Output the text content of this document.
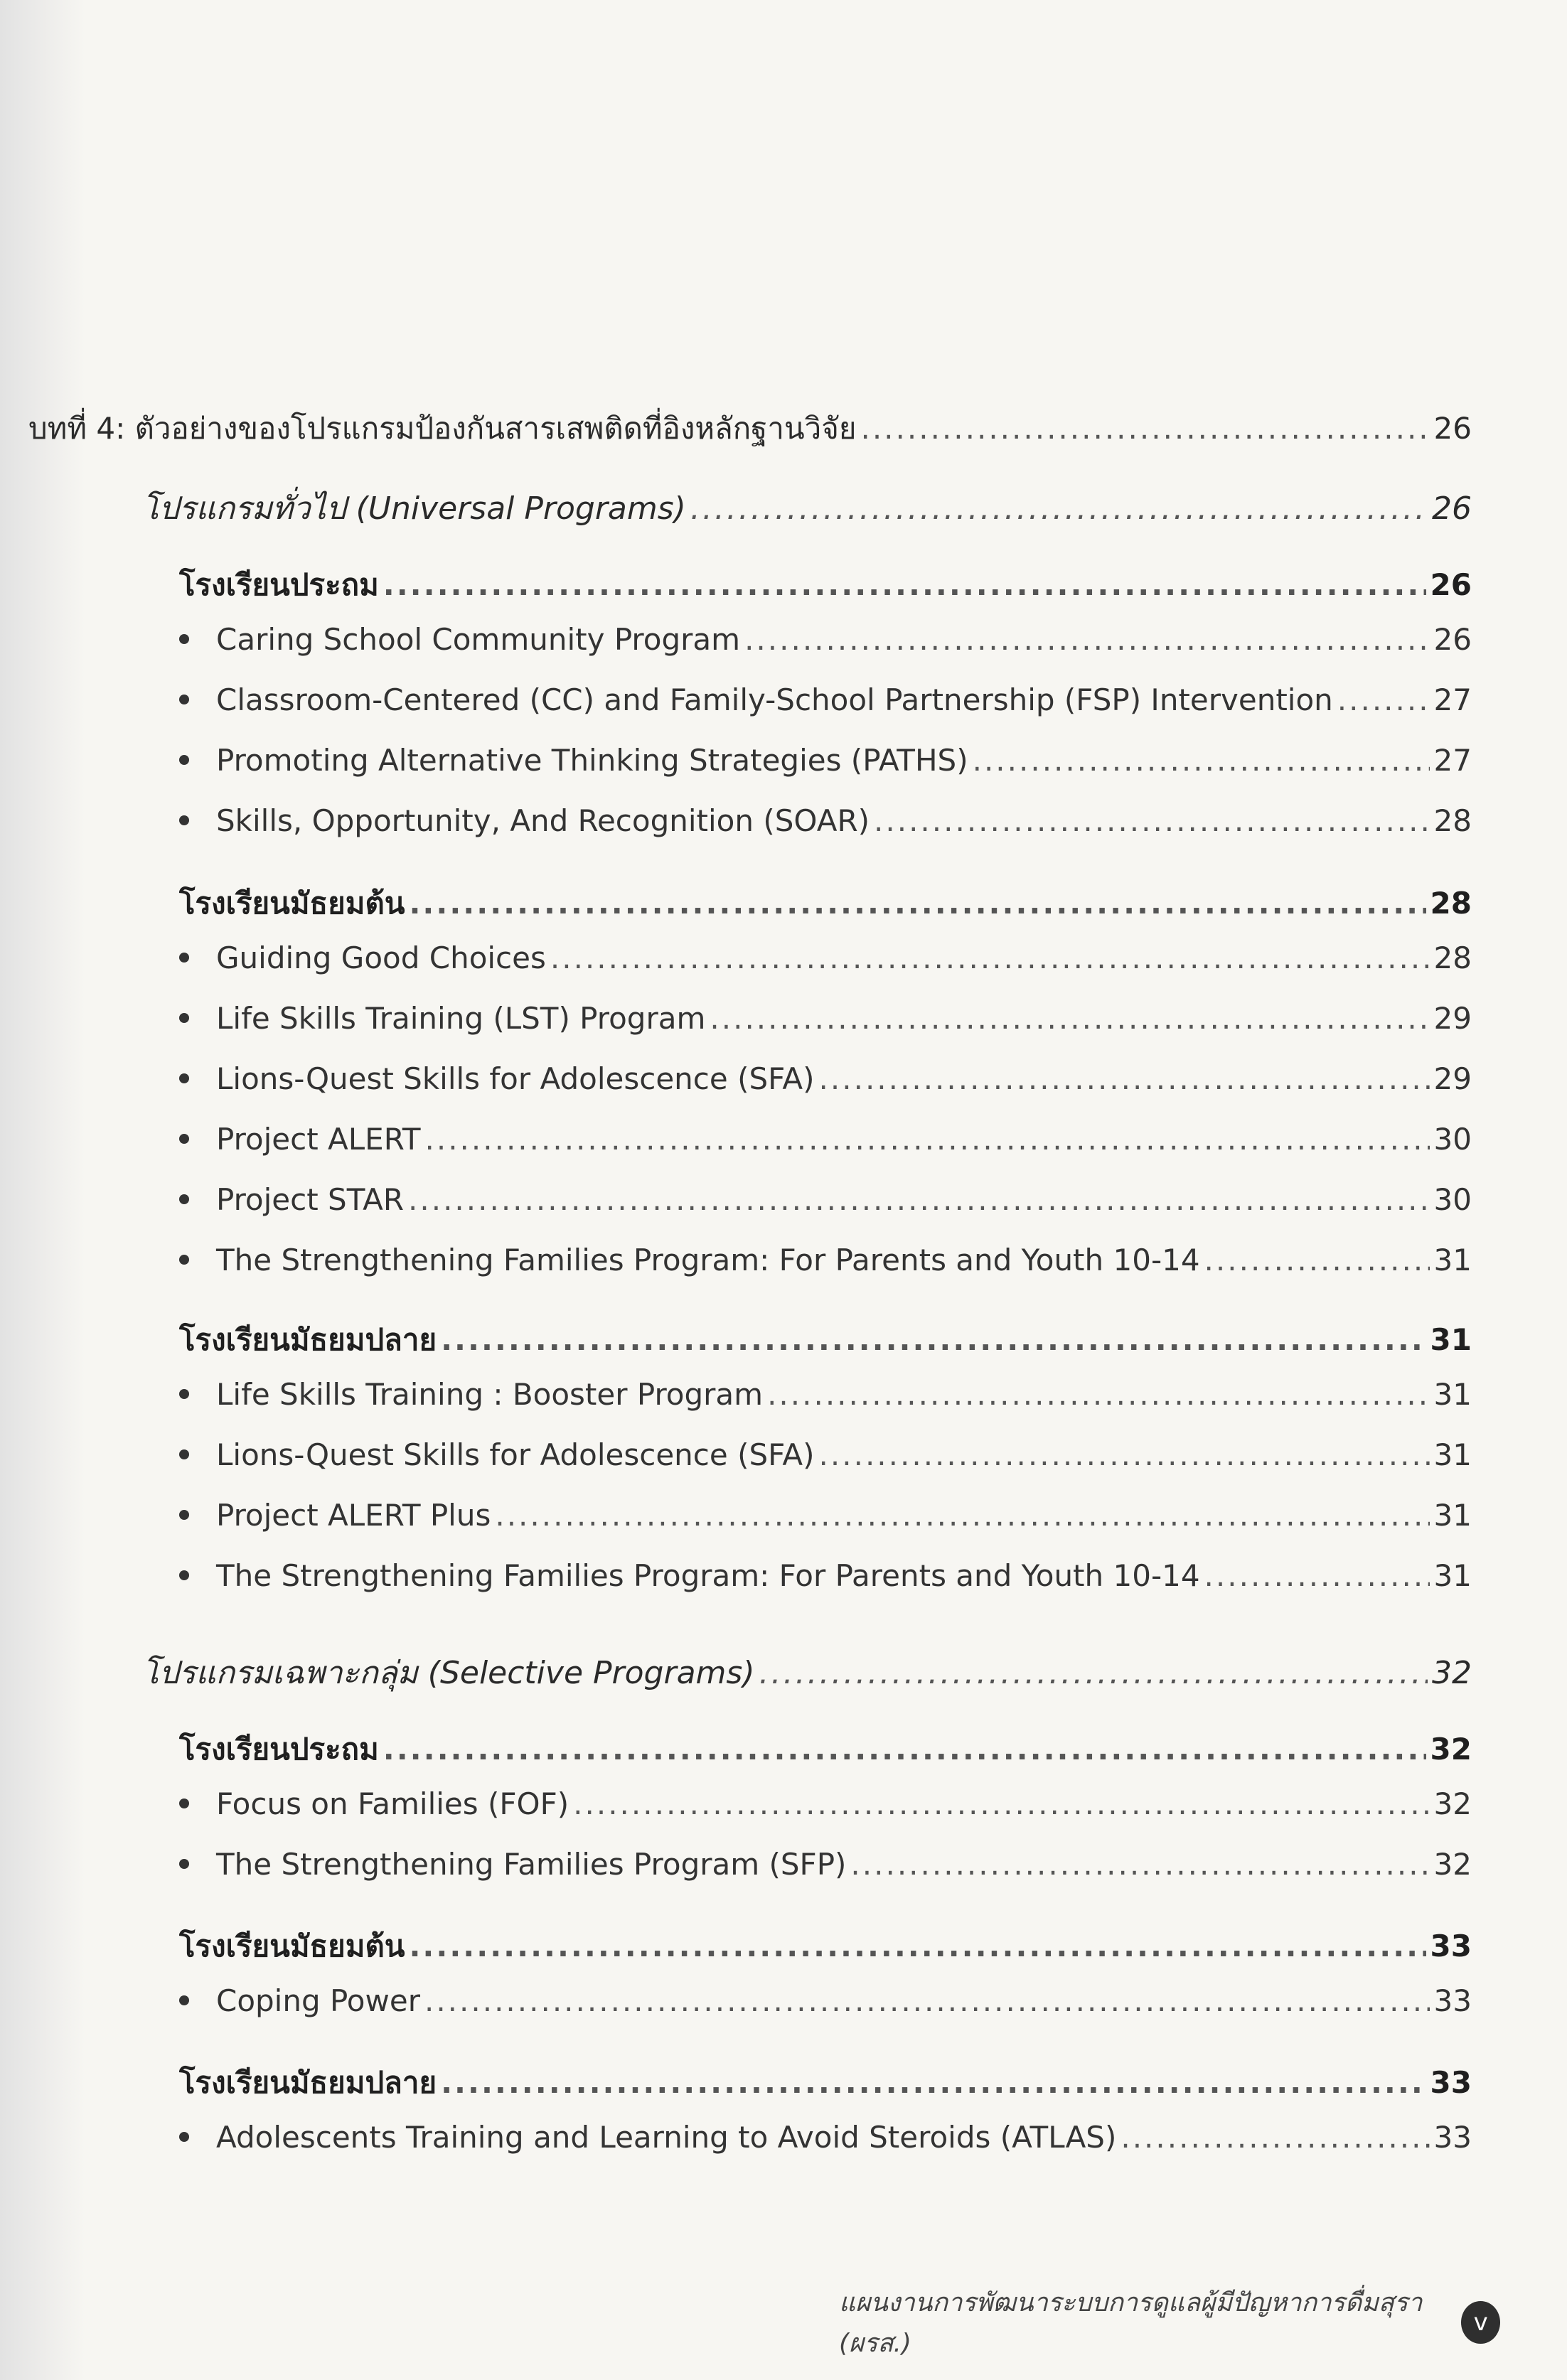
บทที่ 4: ตัวอย่างของโปรแกรมป้องกันสารเสพติดที่อิงหลักฐานวิจัย .....	26
โปรแกรมทั่วไป (Universal Programs) .....	26
โรงเรียนประถม .....	26
Caring School Community Program .....	26
Classroom-Centered (CC) and Family-School Partnership (FSP) Intervention .....	27
Promoting Alternative Thinking Strategies (PATHS) .....	27
Skills, Opportunity, And Recognition (SOAR) .....	28
โรงเรียนมัธยมต้น .....	28
Guiding Good Choices .....	28
Life Skills Training (LST) Program .....	29
Lions-Quest Skills for Adolescence (SFA) .....	29
Project ALERT .....	30
Project STAR .....	30
The Strengthening Families Program: For Parents and Youth 10-14 .....	31
โรงเรียนมัธยมปลาย .....	31
Life Skills Training : Booster Program .....	31
Lions-Quest Skills for Adolescence (SFA) .....	31
Project ALERT Plus .....	31
The Strengthening Families Program: For Parents and Youth 10-14 .....	31
โปรแกรมเฉพาะกลุ่ม (Selective Programs) .....	32
โรงเรียนประถม .....	32
Focus on Families (FOF) .....	32
The Strengthening Families Program (SFP) .....	32
โรงเรียนมัธยมต้น .....	33
Coping Power .....	33
โรงเรียนมัธยมปลาย .....	33
Adolescents Training and Learning to Avoid Steroids (ATLAS) .....	33
แผนงานการพัฒนาระบบการดูแลผู้มีปัญหาการดื่มสุรา (ผรส.)
v
